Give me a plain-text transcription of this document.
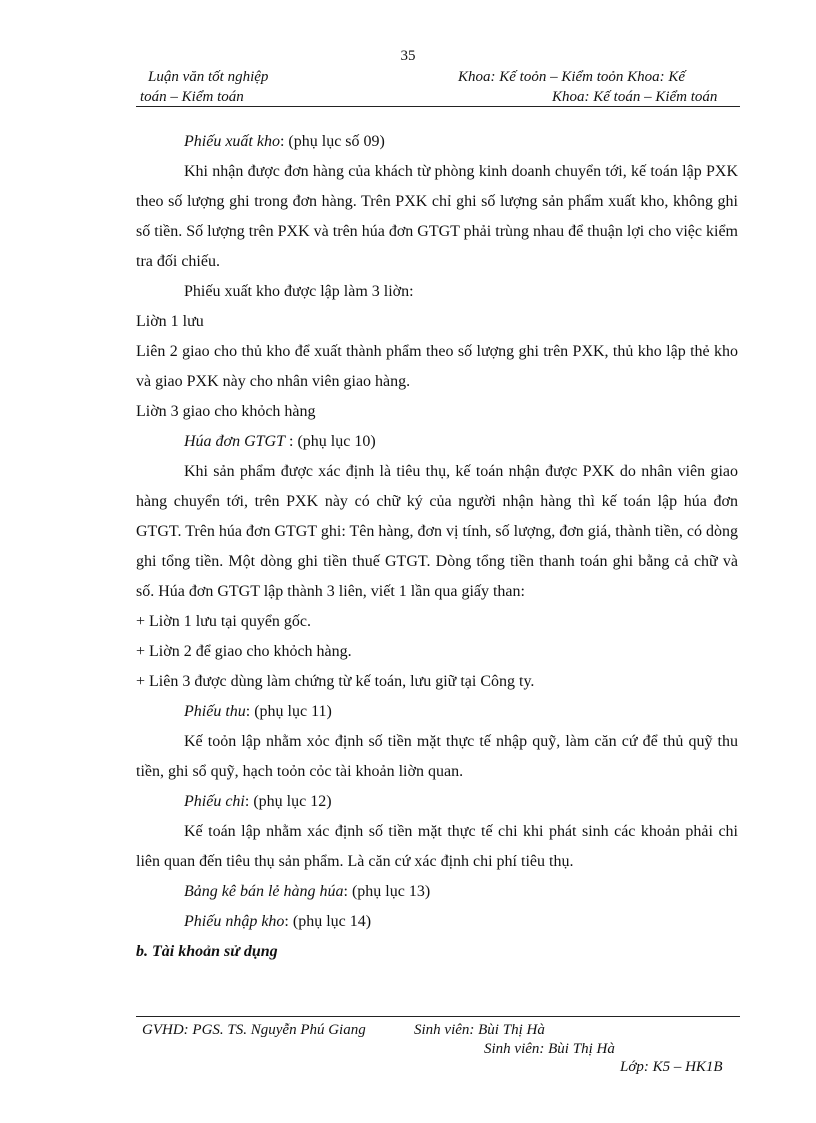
35
Luận văn tốt nghiệp	Khoa: Kế toỏn – Kiểm toỏn Khoa: Kế
toán – Kiểm toán	Khoa: Kế toán – Kiểm toán

Phiếu xuất kho: (phụ lục số 09)

Khi nhận được đơn hàng của khách từ phòng kinh doanh chuyển tới, kế toán lập PXK theo số lượng ghi trong đơn hàng. Trên PXK chỉ ghi số lượng sản phẩm xuất kho, không ghi số tiền. Số lượng trên PXK và trên húa đơn GTGT phải trùng nhau để thuận lợi cho việc kiểm tra đối chiếu.

Phiếu xuất kho được lập làm 3 liờn:

Liờn 1 lưu

Liên 2 giao cho thủ kho để xuất thành phẩm theo số lượng ghi trên PXK, thủ kho lập thẻ kho và giao PXK này cho nhân viên giao hàng.

Liờn 3 giao cho khỏch hàng

Húa đơn GTGT : (phụ lục 10)

Khi sản phẩm được xác định là tiêu thụ, kế toán nhận được PXK do nhân viên giao hàng chuyển tới, trên PXK này có chữ ký của người nhận hàng thì kế toán lập húa đơn GTGT. Trên húa đơn GTGT ghi: Tên hàng, đơn vị tính, số lượng, đơn giá, thành tiền, có dòng ghi tổng tiền. Một dòng ghi tiền thuế GTGT. Dòng tổng tiền thanh toán ghi bằng cả chữ và số. Húa đơn GTGT lập thành 3 liên, viết 1 lần qua giấy than:

+ Liờn 1 lưu tại quyển gốc.

+ Liờn 2 để giao cho khỏch hàng.

+ Liên 3 được dùng làm chứng từ kế toán, lưu giữ tại Công ty.

Phiếu thu: (phụ lục 11)

Kế toỏn lập nhằm xỏc định số tiền mặt thực tế nhập quỹ, làm căn cứ để thủ quỹ thu tiền, ghi sổ quỹ, hạch toỏn cỏc tài khoản liờn quan.

Phiếu chi: (phụ lục 12)

Kế toán lập nhằm xác định số tiền mặt thực tế chi khi phát sinh các khoản phải chi liên quan đến tiêu thụ sản phẩm. Là căn cứ xác định chi phí tiêu thụ.

Bảng kê bán lẻ hàng húa: (phụ lục 13)

Phiếu nhập kho: (phụ lục 14)

b. Tài khoản sử dụng

GVHD: PGS. TS. Nguyễn Phú Giang	Sinh viên: Bùi Thị Hà
Sinh viên: Bùi Thị Hà
Lớp: K5 – HK1B
